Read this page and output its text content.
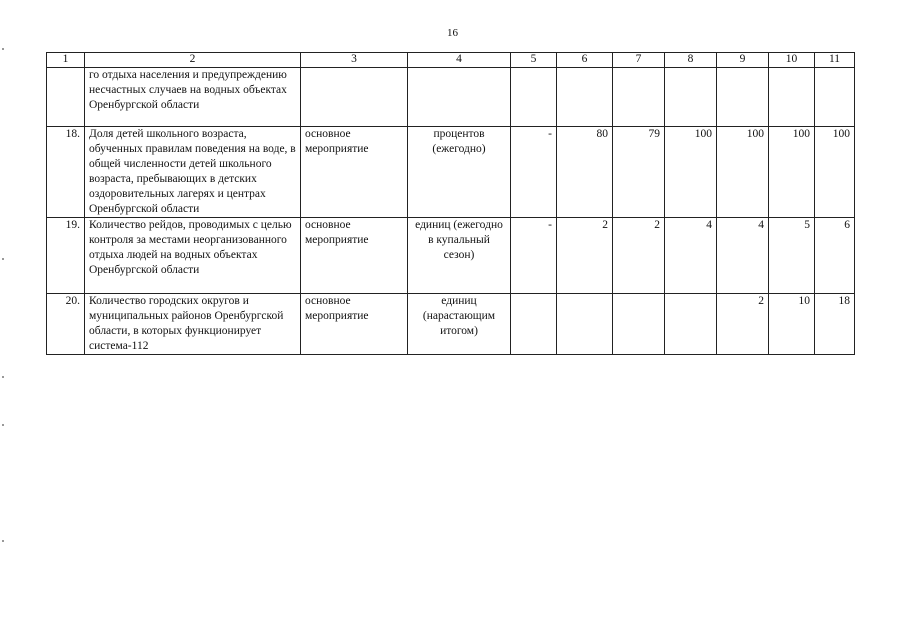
16
1	2	3	4	5	6	7	8	9	10	11
	го отдыха населения и предупреждению несчастных случаев на водных объектах Оренбургской области									
18.	Доля детей школьного возраста, обученных правилам поведения на воде, в общей численности детей школьного возраста, пребывающих в детских оздоровительных лагерях и центрах Оренбургской области	основное мероприятие	процентов (ежегодно)	-	80	79	100	100	100	100
19.	Количество рейдов, проводимых с целью контроля за местами неорганизованного отдыха людей на водных объектах Оренбургской области	основное мероприятие	единиц (ежегодно в купальный сезон)	-	2	2	4	4	5	6
20.	Количество городских округов и муниципальных районов Оренбургской области, в которых функционирует система-112	основное мероприятие	единиц (нарастающим итогом)					2	10	18
